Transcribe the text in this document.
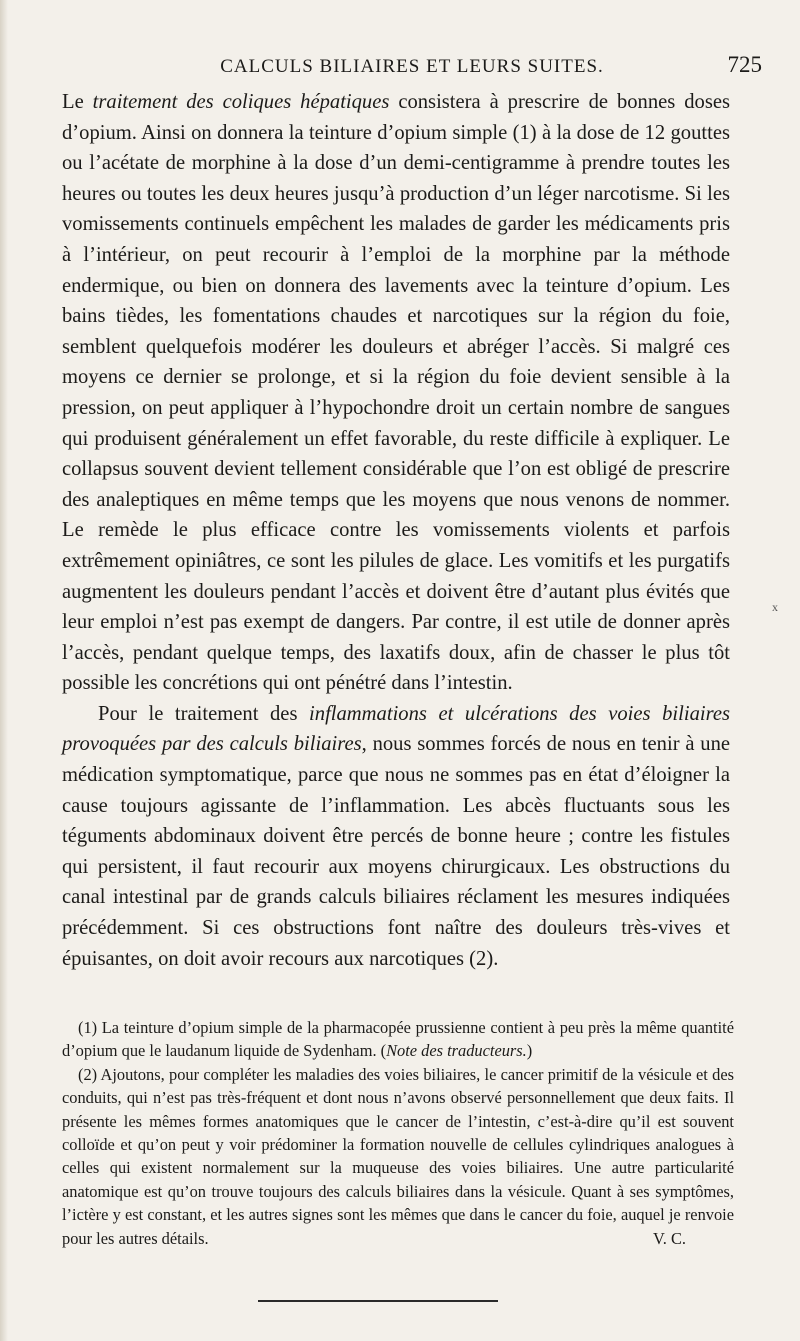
CALCULS BILIAIRES ET LEURS SUITES.	725

Le traitement des coliques hépatiques consistera à prescrire de bonnes doses d’opium. Ainsi on donnera la teinture d’opium simple (1) à la dose de 12 gouttes ou l’acétate de morphine à la dose d’un demi-centigramme à prendre toutes les heures ou toutes les deux heures jusqu’à production d’un léger narcotisme. Si les vomissements continuels empêchent les malades de garder les médicaments pris à l’intérieur, on peut recourir à l’emploi de la morphine par la méthode endermique, ou bien on donnera des lavements avec la teinture d’opium. Les bains tièdes, les fomentations chaudes et narcotiques sur la région du foie, semblent quelquefois modérer les douleurs et abréger l’accès. Si malgré ces moyens ce dernier se prolonge, et si la région du foie devient sensible à la pression, on peut appliquer à l’hypochondre droit un certain nombre de sangues qui produisent généralement un effet favorable, du reste difficile à expliquer. Le collapsus souvent devient tellement considérable que l’on est obligé de prescrire des analeptiques en même temps que les moyens que nous venons de nommer. Le remède le plus efficace contre les vomissements violents et parfois extrêmement opiniâtres, ce sont les pilules de glace. Les vomitifs et les purgatifs augmentent les douleurs pendant l’accès et doivent être d’autant plus évités que leur emploi n’est pas exempt de dangers. Par contre, il est utile de donner après l’accès, pendant quelque temps, des laxatifs doux, afin de chasser le plus tôt possible les concrétions qui ont pénétré dans l’intestin.

Pour le traitement des inflammations et ulcérations des voies biliaires provoquées par des calculs biliaires, nous sommes forcés de nous en tenir à une médication symptomatique, parce que nous ne sommes pas en état d’éloigner la cause toujours agissante de l’inflammation. Les abcès fluctuants sous les téguments abdominaux doivent être percés de bonne heure ; contre les fistules qui persistent, il faut recourir aux moyens chirurgicaux. Les obstructions du canal intestinal par de grands calculs biliaires réclament les mesures indiquées précédemment. Si ces obstructions font naître des douleurs très-vives et épuisantes, on doit avoir recours aux narcotiques (2).

(1) La teinture d’opium simple de la pharmacopée prussienne contient à peu près la même quantité d’opium que le laudanum liquide de Sydenham. (Note des traducteurs.)

(2) Ajoutons, pour compléter les maladies des voies biliaires, le cancer primitif de la vésicule et des conduits, qui n’est pas très-fréquent et dont nous n’avons observé personnellement que deux faits. Il présente les mêmes formes anatomiques que le cancer de l’intestin, c’est-à-dire qu’il est souvent colloïde et qu’on peut y voir prédominer la formation nouvelle de cellules cylindriques analogues à celles qui existent normalement sur la muqueuse des voies biliaires. Une autre particularité anatomique est qu’on trouve toujours des calculs biliaires dans la vésicule. Quant à ses symptômes, l’ictère y est constant, et les autres signes sont les mêmes que dans le cancer du foie, auquel je renvoie pour les autres détails.	V. C.
x
